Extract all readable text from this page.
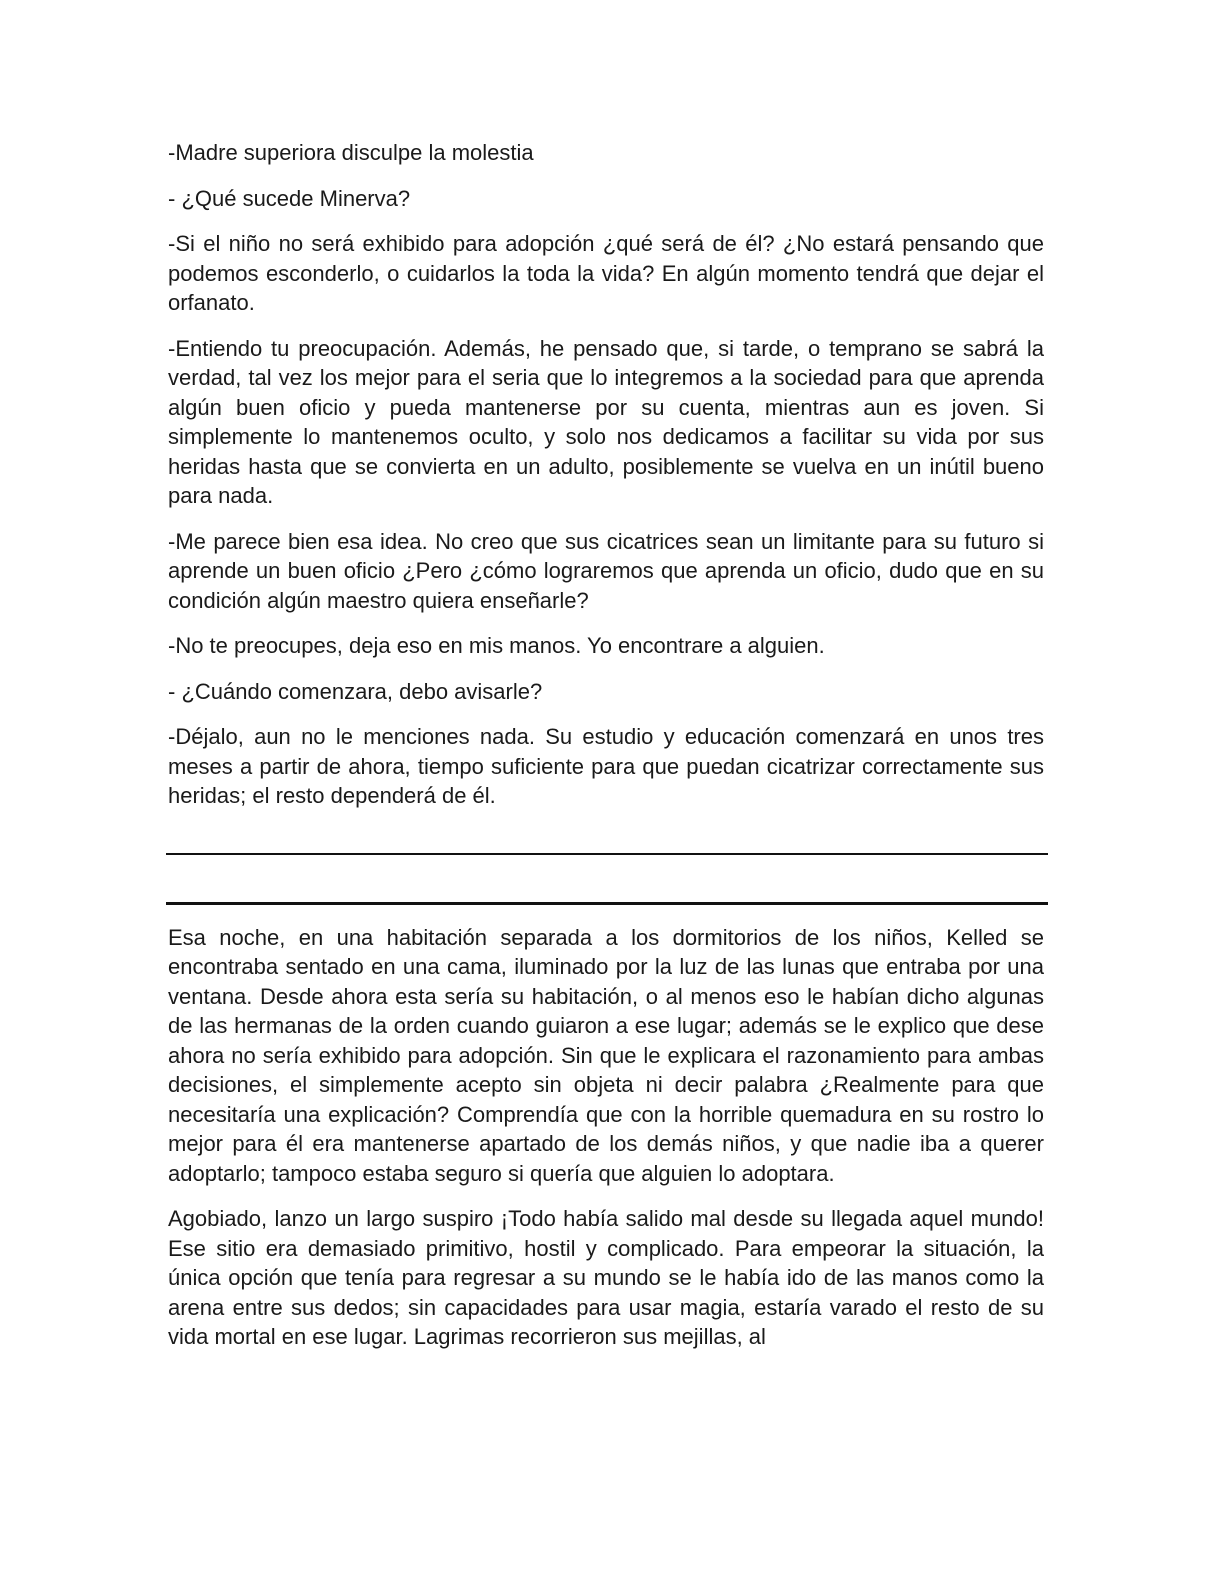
-Madre superiora disculpe la molestia

- ¿Qué sucede Minerva?

-Si el niño no será exhibido para adopción ¿qué será de él? ¿No estará pensando que podemos esconderlo, o cuidarlos la toda la vida? En algún momento tendrá que dejar el orfanato.

-Entiendo tu preocupación. Además, he pensado que, si tarde, o temprano se sabrá la verdad, tal vez los mejor para el seria que lo integremos a la sociedad para que aprenda algún buen oficio y pueda mantenerse por su cuenta, mientras aun es joven. Si simplemente lo mantenemos oculto, y solo nos dedicamos a facilitar su vida por sus heridas hasta que se convierta en un adulto, posiblemente se vuelva en un inútil bueno para nada.

-Me parece bien esa idea. No creo que sus cicatrices sean un limitante para su futuro si aprende un buen oficio ¿Pero ¿cómo lograremos que aprenda un oficio, dudo que en su condición algún maestro quiera enseñarle?

-No te preocupes, deja eso en mis manos. Yo encontrare a alguien.

- ¿Cuándo comenzara, debo avisarle?

-Déjalo, aun no le menciones nada. Su estudio y educación comenzará en unos tres meses a partir de ahora, tiempo suficiente para que puedan cicatrizar correctamente sus heridas; el resto dependerá de él.

Esa noche, en una habitación separada a los dormitorios de los niños, Kelled se encontraba sentado en una cama, iluminado por la luz de las lunas que entraba por una ventana. Desde ahora esta sería su habitación, o al menos eso le habían dicho algunas de las hermanas de la orden cuando guiaron a ese lugar; además se le explico que dese ahora no sería exhibido para adopción. Sin que le explicara el razonamiento para ambas decisiones, el simplemente acepto sin objeta ni decir palabra ¿Realmente para que necesitaría una explicación? Comprendía que con la horrible quemadura en su rostro lo mejor para él era mantenerse apartado de los demás niños, y que nadie iba a querer adoptarlo; tampoco estaba seguro si quería que alguien lo adoptara.

Agobiado, lanzo un largo suspiro ¡Todo había salido mal desde su llegada aquel mundo! Ese sitio era demasiado primitivo, hostil y complicado. Para empeorar la situación, la única opción que tenía para regresar a su mundo se le había ido de las manos como la arena entre sus dedos; sin capacidades para usar magia, estaría varado el resto de su vida mortal en ese lugar. Lagrimas recorrieron sus mejillas, al
